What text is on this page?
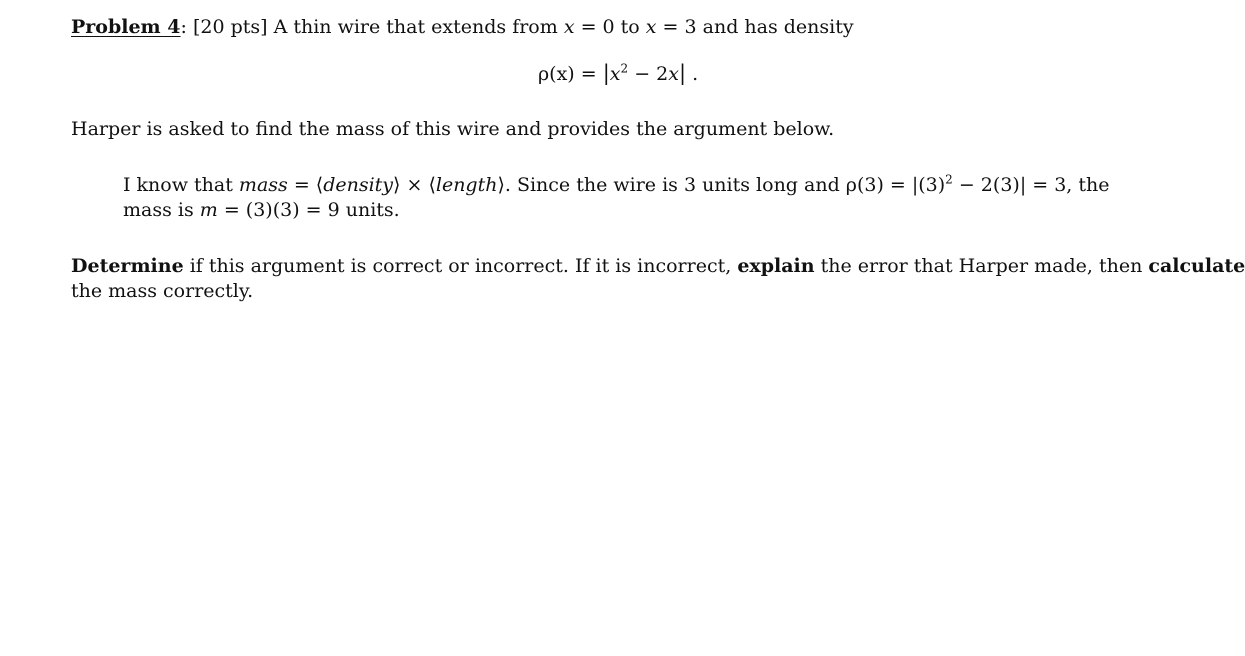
Problem 4: [20 pts] A thin wire that extends from x = 0 to x = 3 and has density
$\rho(x) = |x^2 - 2x|$ .
Harper is asked to find the mass of this wire and provides the argument below.
I know that mass = ⟨density⟩ × ⟨length⟩. Since the wire is 3 units long and $\rho(3) = |(3)^2 - 2(3)| = 3$, the
mass is m = (3)(3) = 9 units.
Determine if this argument is correct or incorrect. If it is incorrect, explain the error that Harper made, then calculate
the mass correctly.
